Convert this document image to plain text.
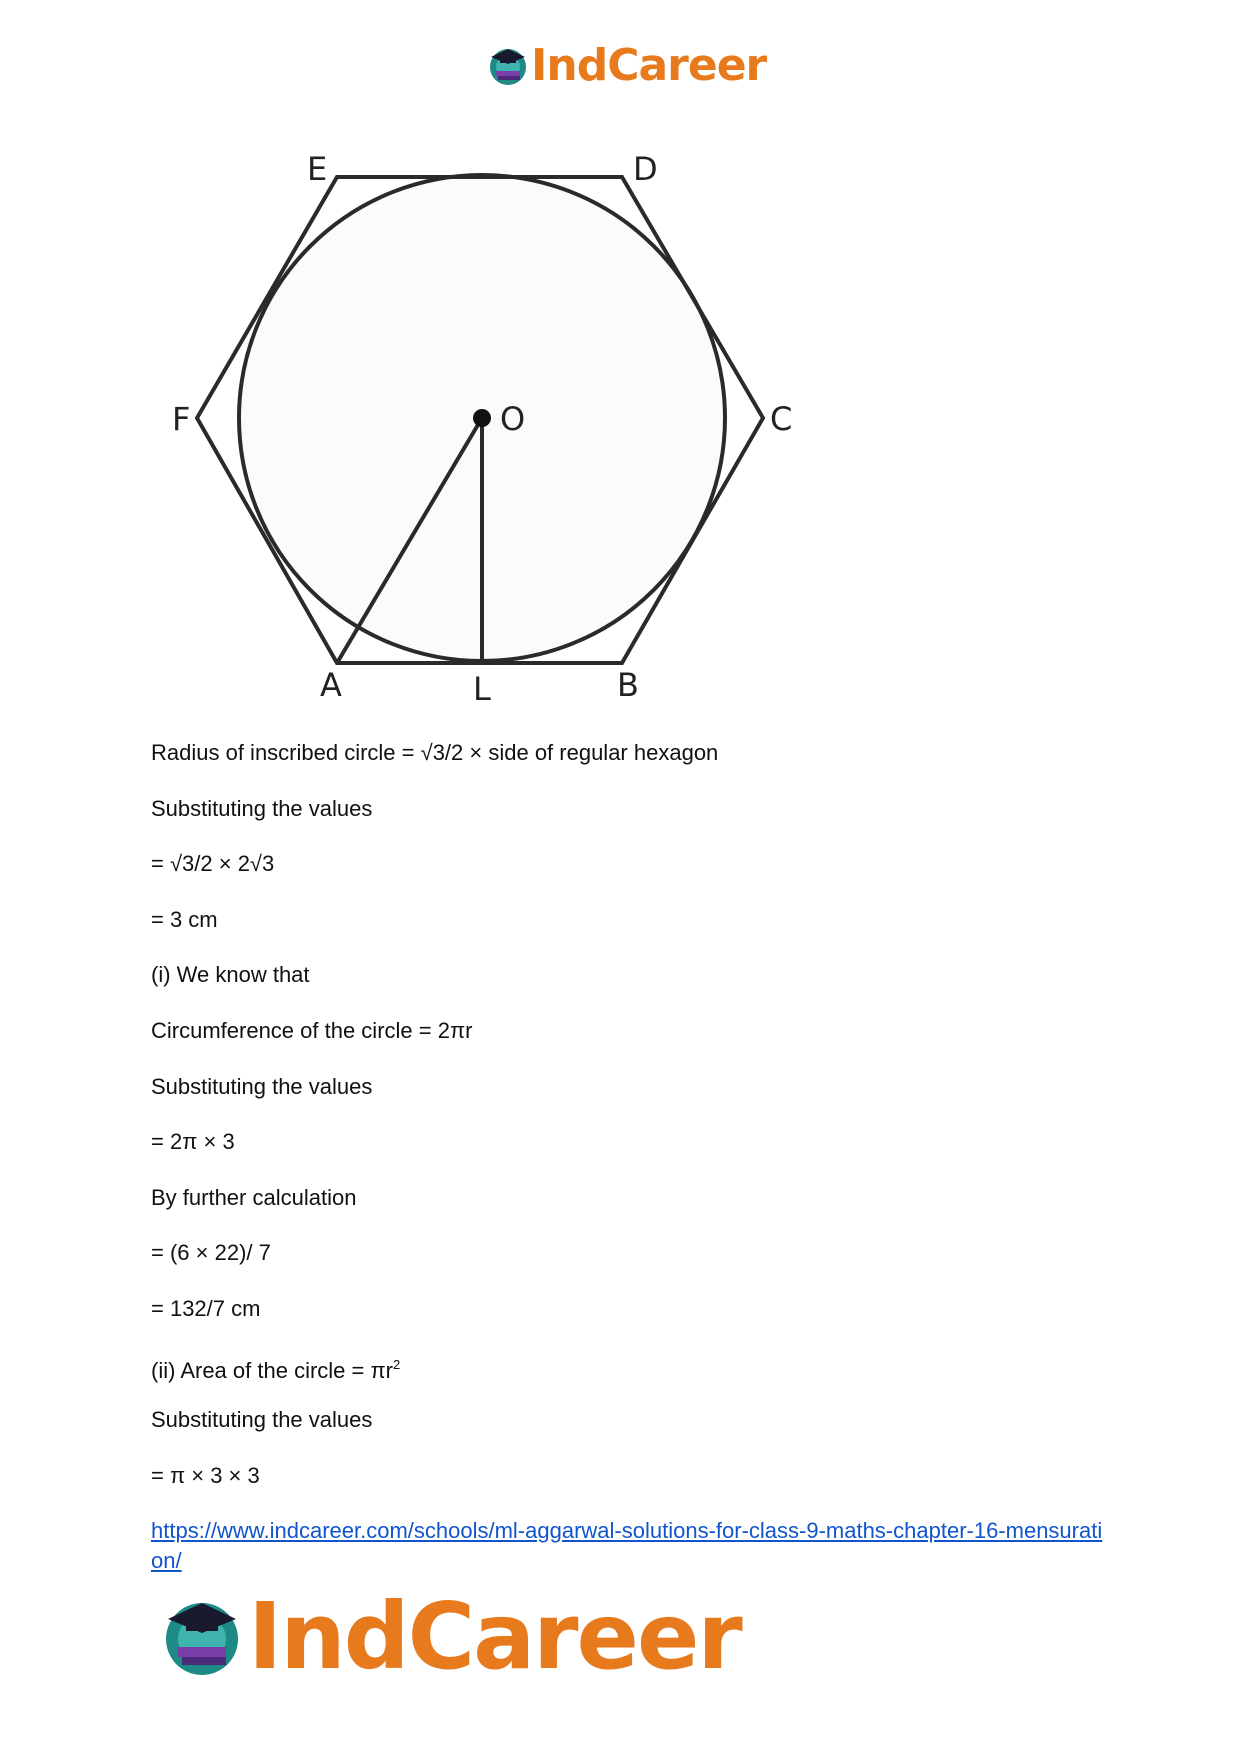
IndCareer
E	D
F	C
O
A	L	B
Radius of inscribed circle = √3/2 × side of regular hexagon
Substituting the values
= √3/2 × 2√3
= 3 cm
(i) We know that
Circumference of the circle = 2πr
Substituting the values
= 2π × 3
By further calculation
= (6 × 22)/ 7
= 132/7 cm
(ii) Area of the circle = $\pi r^2$
Substituting the values
= π × 3 × 3
https://www.indcareer.com/schools/ml-aggarwal-solutions-for-class-9-maths-chapter-16-mensuration/
IndCareer
